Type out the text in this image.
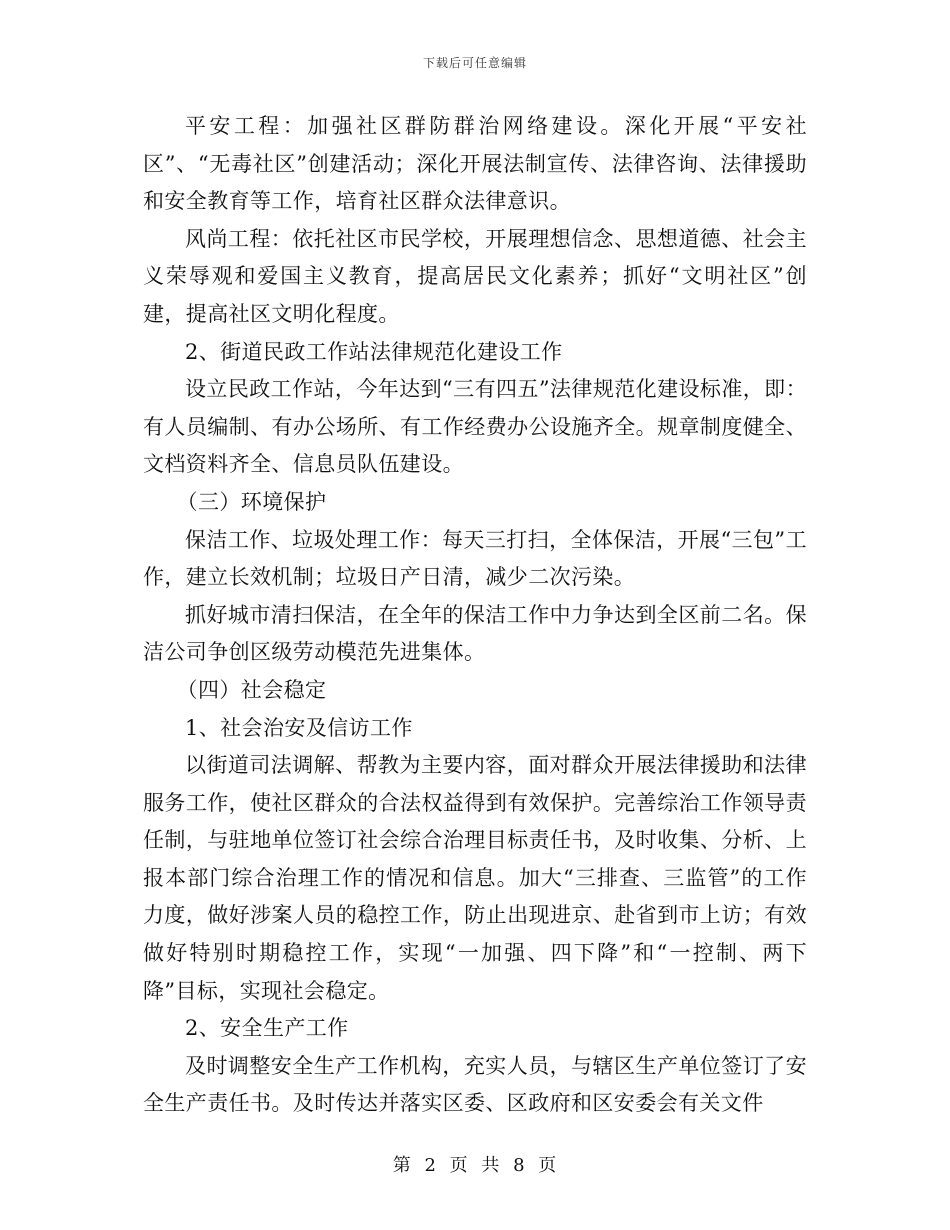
下载后可任意编辑

平安工程：加强社区群防群治网络建设。深化开展“平安社区”、“无毒社区”创建活动；深化开展法制宣传、法律咨询、法律援助和安全教育等工作，培育社区群众法律意识。

风尚工程：依托社区市民学校，开展理想信念、思想道德、社会主义荣辱观和爱国主义教育，提高居民文化素养；抓好“文明社区”创建，提高社区文明化程度。

2、街道民政工作站法律规范化建设工作

设立民政工作站，今年达到“三有四五”法律规范化建设标准，即：有人员编制、有办公场所、有工作经费办公设施齐全。规章制度健全、文档资料齐全、信息员队伍建设。

（三）环境保护

保洁工作、垃圾处理工作：每天三打扫，全体保洁，开展“三包”工作，建立长效机制；垃圾日产日清，减少二次污染。

抓好城市清扫保洁，在全年的保洁工作中力争达到全区前二名。保洁公司争创区级劳动模范先进集体。

（四）社会稳定

1、社会治安及信访工作

以街道司法调解、帮教为主要内容，面对群众开展法律援助和法律服务工作，使社区群众的合法权益得到有效保护。完善综治工作领导责任制，与驻地单位签订社会综合治理目标责任书，及时收集、分析、上报本部门综合治理工作的情况和信息。加大“三排查、三监管”的工作力度，做好涉案人员的稳控工作，防止出现进京、赴省到市上访；有效做好特别时期稳控工作，实现“一加强、四下降”和“一控制、两下降”目标，实现社会稳定。

2、安全生产工作

及时调整安全生产工作机构，充实人员，与辖区生产单位签订了安全生产责任书。及时传达并落实区委、区政府和区安委会有关文件

第 2 页 共 8 页
